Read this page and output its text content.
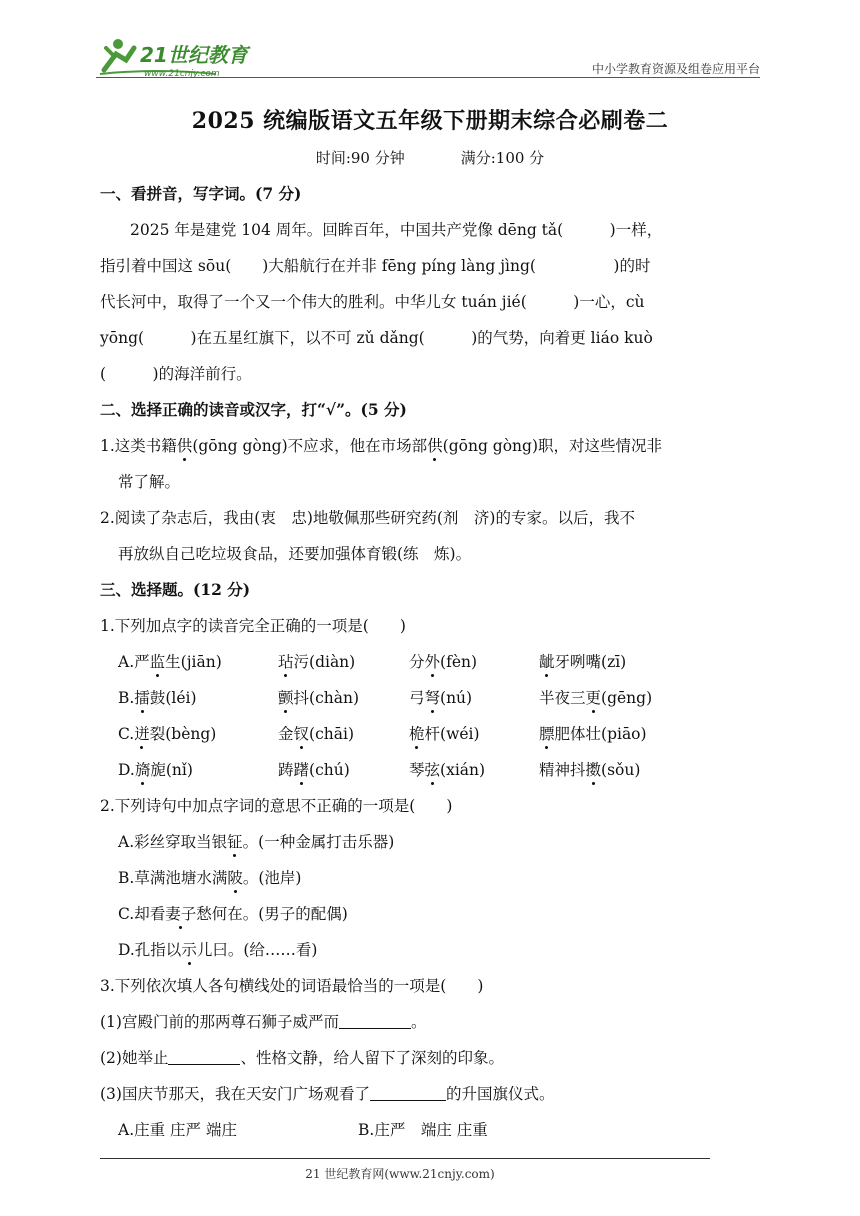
21世纪教育
www.21cnjy.com	中小学教育资源及组卷应用平台
2025 统编版语文五年级下册期末综合必刷卷二
时间:90 分钟	满分:100 分
一、看拼音，写字词。(7 分)
2025 年是建党 104 周年。回眸百年，中国共产党像 dēng tǎ(　　　)一样，
指引着中国这 sōu(　　)大船航行在并非 fēng píng làng jìng(　　　　　)的时
代长河中，取得了一个又一个伟大的胜利。中华儿女 tuán jié(　　　)一心，cù
yōng(　　　)在五星红旗下，以不可 zǔ dǎng(　　　)的气势，向着更 liáo kuò
(　　　)的海洋前行。
二、选择正确的读音或汉字，打“√”。(5 分)
1.这类书籍供(gōng gòng)不应求，他在市场部供(gōng gòng)职，对这些情况非
常了解。
2.阅读了杂志后，我由(衷　忠)地敬佩那些研究药(剂　济)的专家。以后，我不
再放纵自己吃垃圾食品，还要加强体育锻(练　炼)。
三、选择题。(12 分)
1.下列加点字的读音完全正确的一项是(　　)
A.严监生(jiān)	玷污(diàn)	分外(fèn)	龇牙咧嘴(zī)
B.擂鼓(léi)	颤抖(chàn)	弓弩(nú)	半夜三更(gēng)
C.迸裂(bèng)	金钗(chāi)	桅杆(wéi)	膘肥体壮(piāo)
D.旖旎(nǐ)	踌躇(chú)	琴弦(xián)	精神抖擞(sǒu)
2.下列诗句中加点字词的意思不正确的一项是(　　)
A.彩丝穿取当银钲。(一种金属打击乐器)
B.草满池塘水满陂。(池岸)
C.却看妻子愁何在。(男子的配偶)
D.孔指以示儿曰。(给……看)
3.下列依次填人各句横线处的词语最恰当的一项是(　　)
(1)宫殿门前的那两尊石狮子威严而	。
(2)她举止	、性格文静，给人留下了深刻的印象。
(3)国庆节那天，我在天安门广场观看了	的升国旗仪式。
A.庄重 庄严 端庄	B.庄严　端庄 庄重
21 世纪教育网(www.21cnjy.com)
